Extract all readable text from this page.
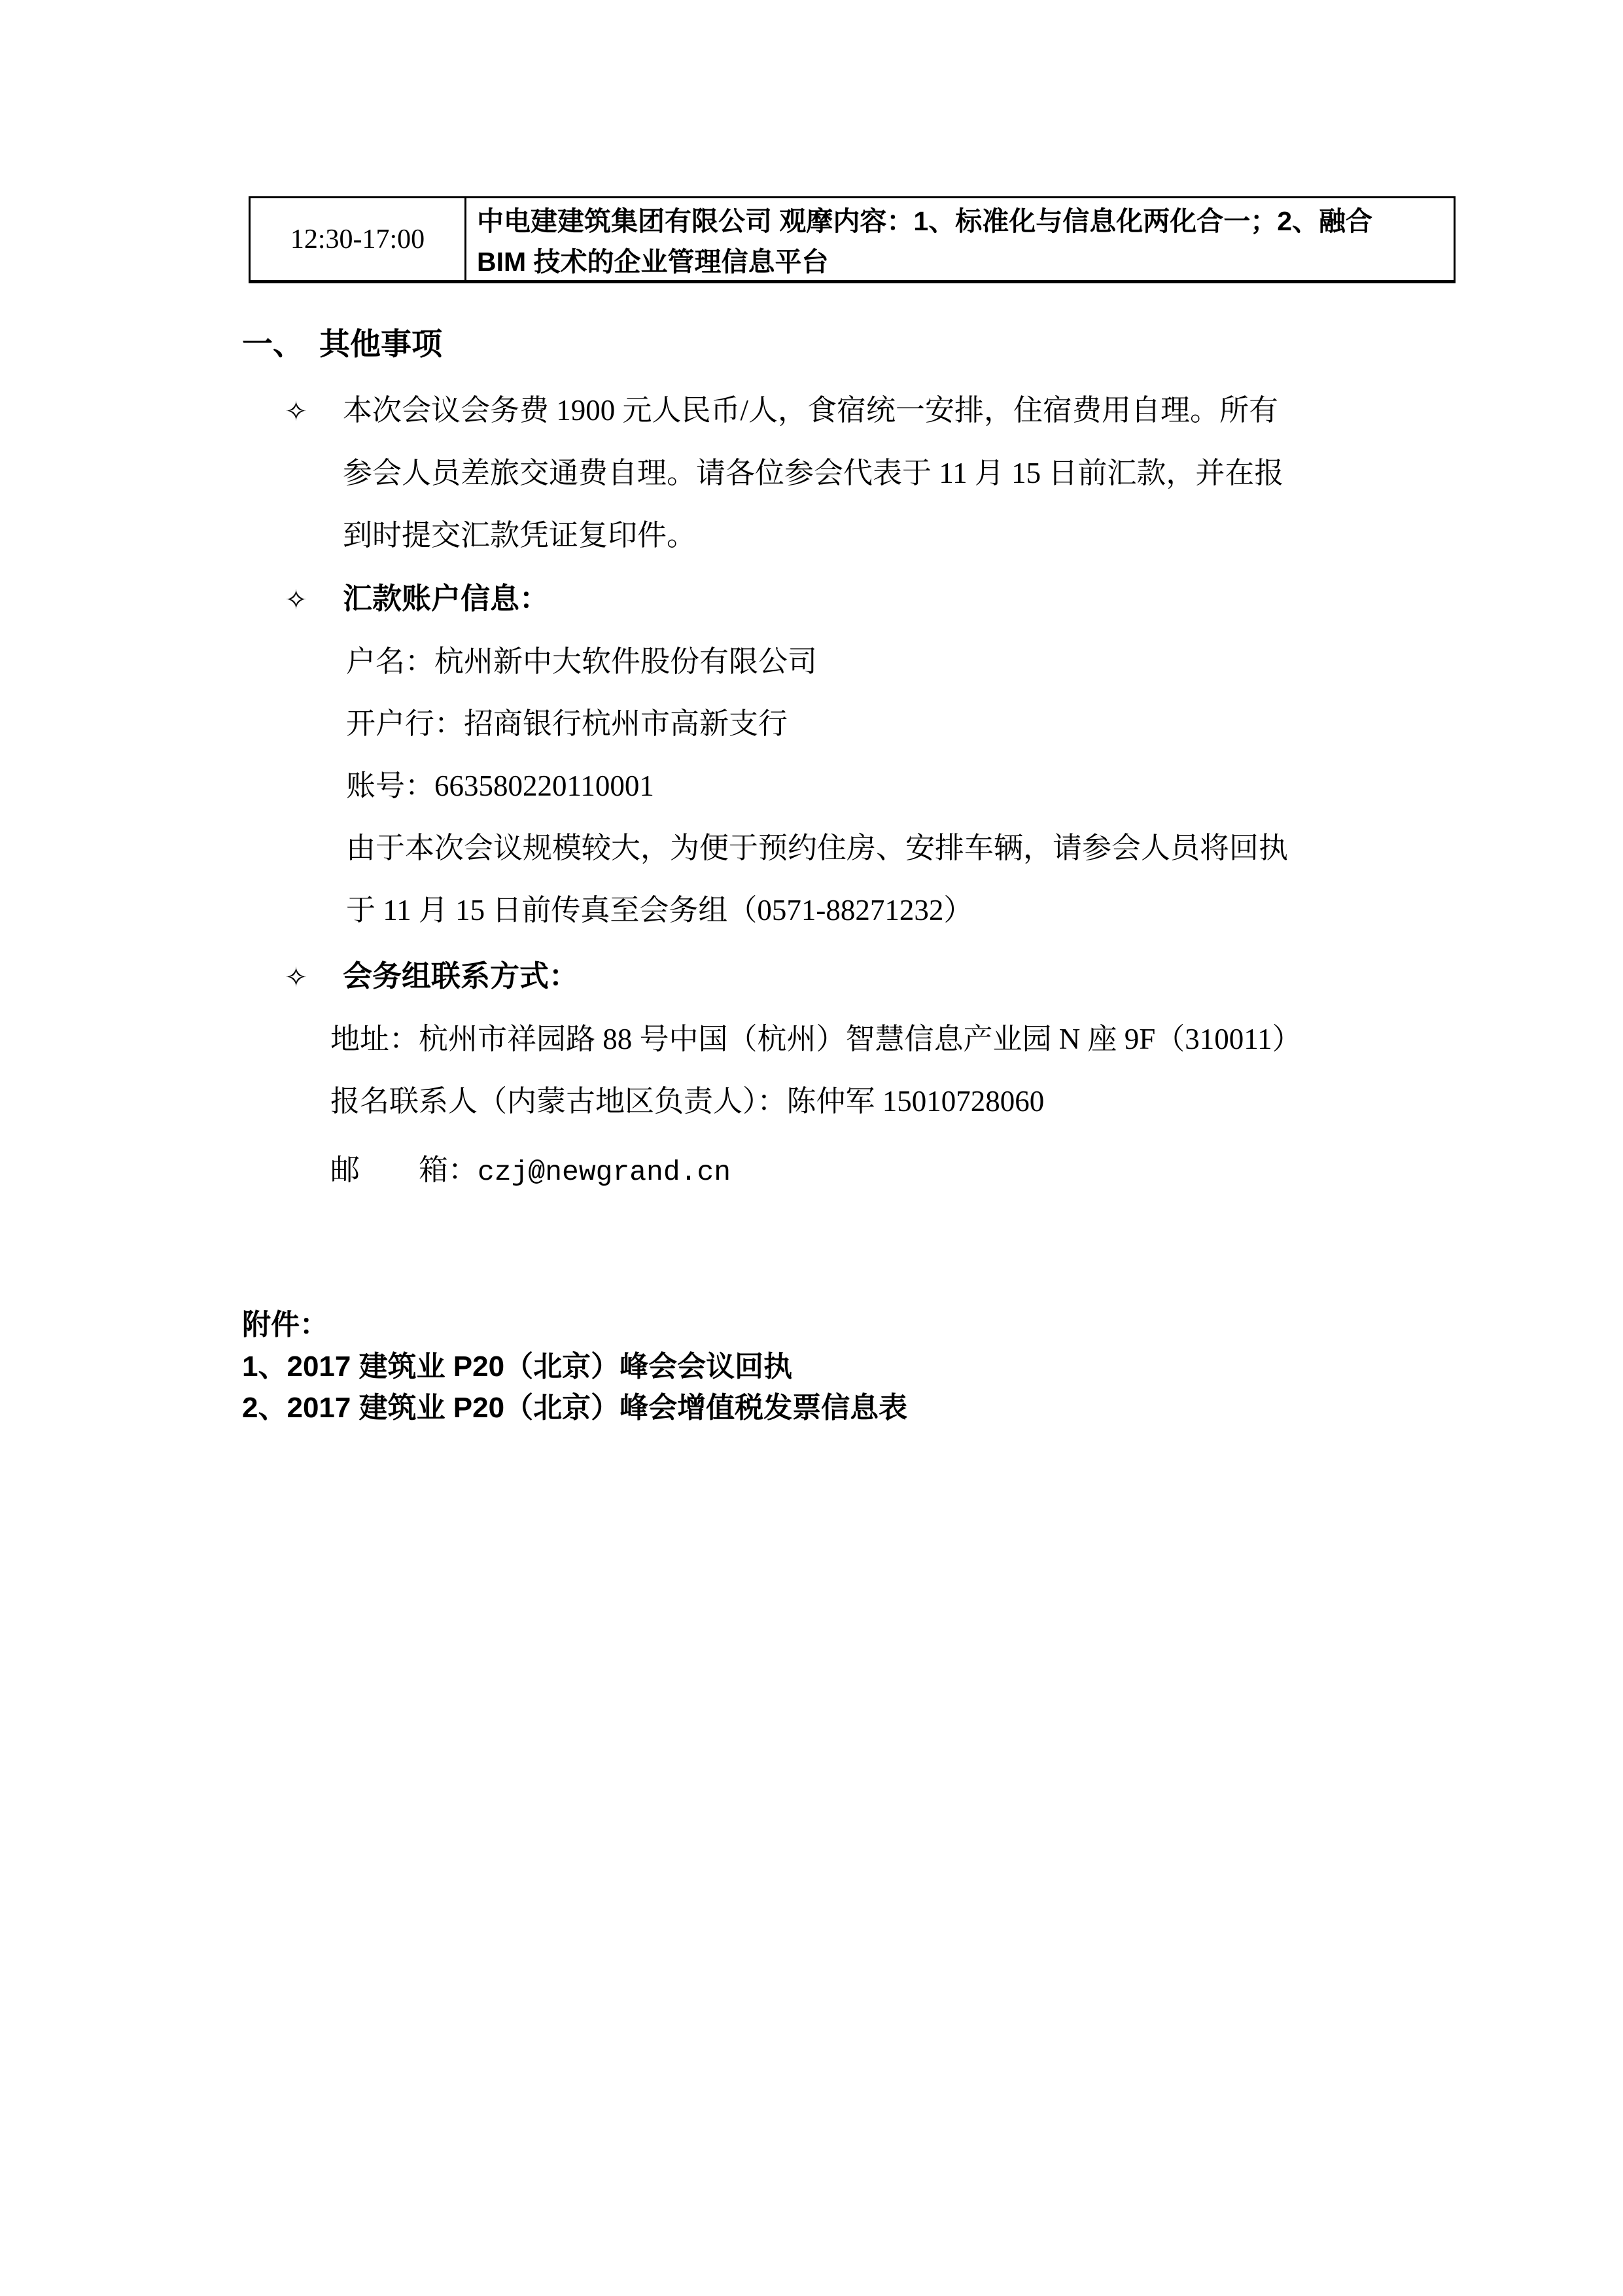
12:30-17:00
中电建建筑集团有限公司 观摩内容：1、标准化与信息化两化合一；2、融合
BIM 技术的企业管理信息平台
一、 其他事项
✧ 本次会议会务费 1900 元人民币/人，食宿统一安排，住宿费用自理。所有
参会人员差旅交通费自理。请各位参会代表于 11 月 15 日前汇款，并在报
到时提交汇款凭证复印件。
✧ 汇款账户信息：
户名：杭州新中大软件股份有限公司
开户行：招商银行杭州市高新支行
账号：663580220110001
由于本次会议规模较大，为便于预约住房、安排车辆，请参会人员将回执
于 11 月 15 日前传真至会务组（0571-88271232）
✧ 会务组联系方式：
地址：杭州市祥园路 88 号中国（杭州）智慧信息产业园 N 座 9F（310011）
报名联系人（内蒙古地区负责人）：陈仲军 15010728060
邮　　箱：czj@newgrand.cn
附件：
1、2017 建筑业 P20（北京）峰会会议回执
2、2017 建筑业 P20（北京）峰会增值税发票信息表
